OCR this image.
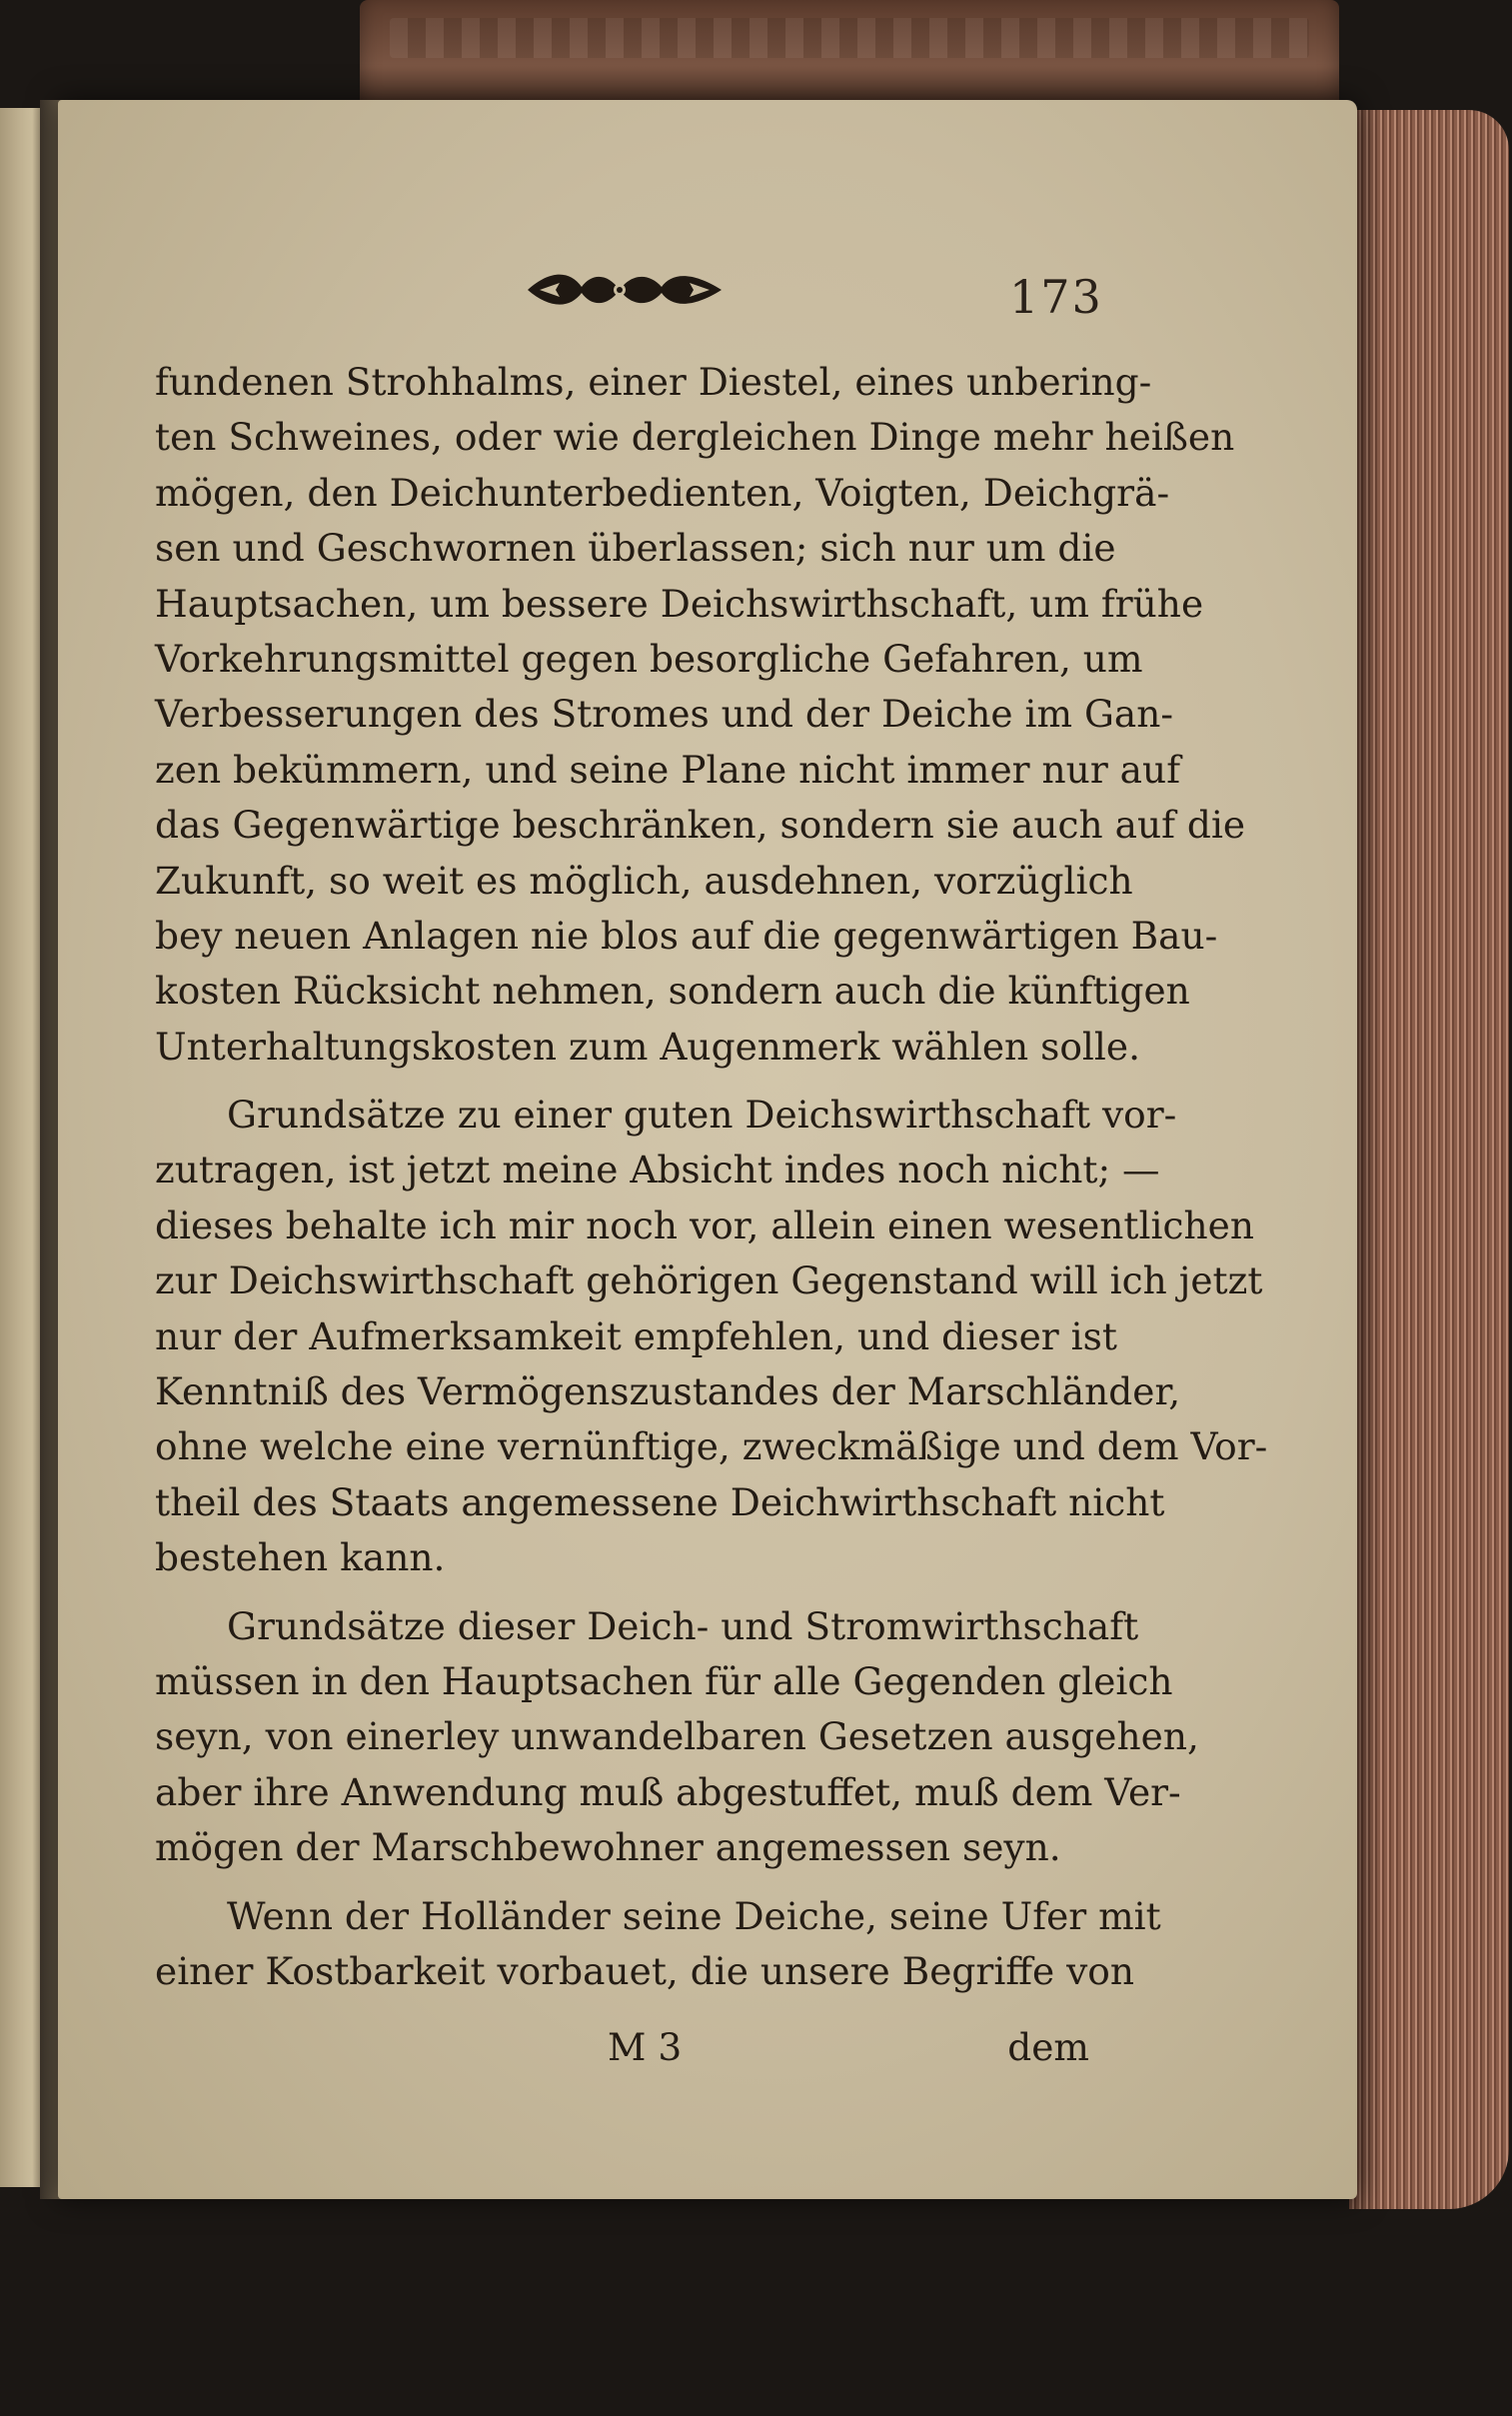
173

fundenen Strohhalms, einer Diestel, eines unbering-
ten Schweines, oder wie dergleichen Dinge mehr heißen
mögen, den Deichunterbedienten, Voigten, Deichgrä-
sen und Geschwornen überlassen; sich nur um die
Hauptsachen, um bessere Deichswirthschaft, um frühe
Vorkehrungsmittel gegen besorgliche Gefahren, um
Verbesserungen des Stromes und der Deiche im Gan-
zen bekümmern, und seine Plane nicht immer nur auf
das Gegenwärtige beschränken, sondern sie auch auf die
Zukunft, so weit es möglich, ausdehnen, vorzüglich
bey neuen Anlagen nie blos auf die gegenwärtigen Bau-
kosten Rücksicht nehmen, sondern auch die künftigen
Unterhaltungskosten zum Augenmerk wählen solle.

Grundsätze zu einer guten Deichswirthschaft vor-
zutragen, ist jetzt meine Absicht indes noch nicht; —
dieses behalte ich mir noch vor, allein einen wesentlichen
zur Deichswirthschaft gehörigen Gegenstand will ich jetzt
nur der Aufmerksamkeit empfehlen, und dieser ist
Kenntniß des Vermögenszustandes der Marschländer,
ohne welche eine vernünftige, zweckmäßige und dem Vor-
theil des Staats angemessene Deichwirthschaft nicht
bestehen kann.

Grundsätze dieser Deich- und Stromwirthschaft
müssen in den Hauptsachen für alle Gegenden gleich
seyn, von einerley unwandelbaren Gesetzen ausgehen,
aber ihre Anwendung muß abgestuffet, muß dem Ver-
mögen der Marschbewohner angemessen seyn.

Wenn der Holländer seine Deiche, seine Ufer mit
einer Kostbarkeit vorbauet, die unsere Begriffe von

M 3	dem
